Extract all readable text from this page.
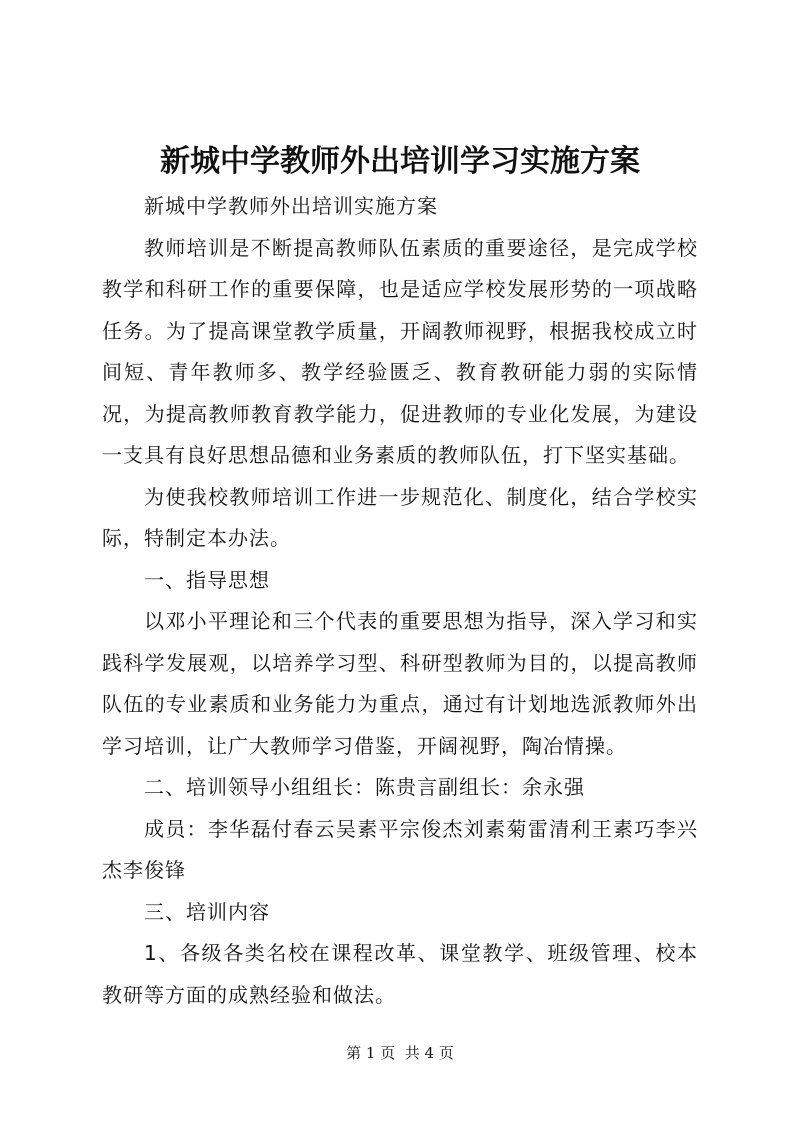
新城中学教师外出培训学习实施方案

新城中学教师外出培训实施方案

教师培训是不断提高教师队伍素质的重要途径，是完成学校教学和科研工作的重要保障，也是适应学校发展形势的一项战略任务。为了提高课堂教学质量，开阔教师视野，根据我校成立时间短、青年教师多、教学经验匮乏、教育教研能力弱的实际情况，为提高教师教育教学能力，促进教师的专业化发展，为建设一支具有良好思想品德和业务素质的教师队伍，打下坚实基础。

为使我校教师培训工作进一步规范化、制度化，结合学校实际，特制定本办法。

一、指导思想

以邓小平理论和三个代表的重要思想为指导，深入学习和实践科学发展观，以培养学习型、科研型教师为目的，以提高教师队伍的专业素质和业务能力为重点，通过有计划地选派教师外出学习培训，让广大教师学习借鉴，开阔视野，陶冶情操。

二、培训领导小组组长：陈贵言副组长：余永强

成员：李华磊付春云吴素平宗俊杰刘素菊雷清利王素巧李兴杰李俊锋

三、培训内容

1、各级各类名校在课程改革、课堂教学、班级管理、校本教研等方面的成熟经验和做法。

第 1 页  共 4 页
